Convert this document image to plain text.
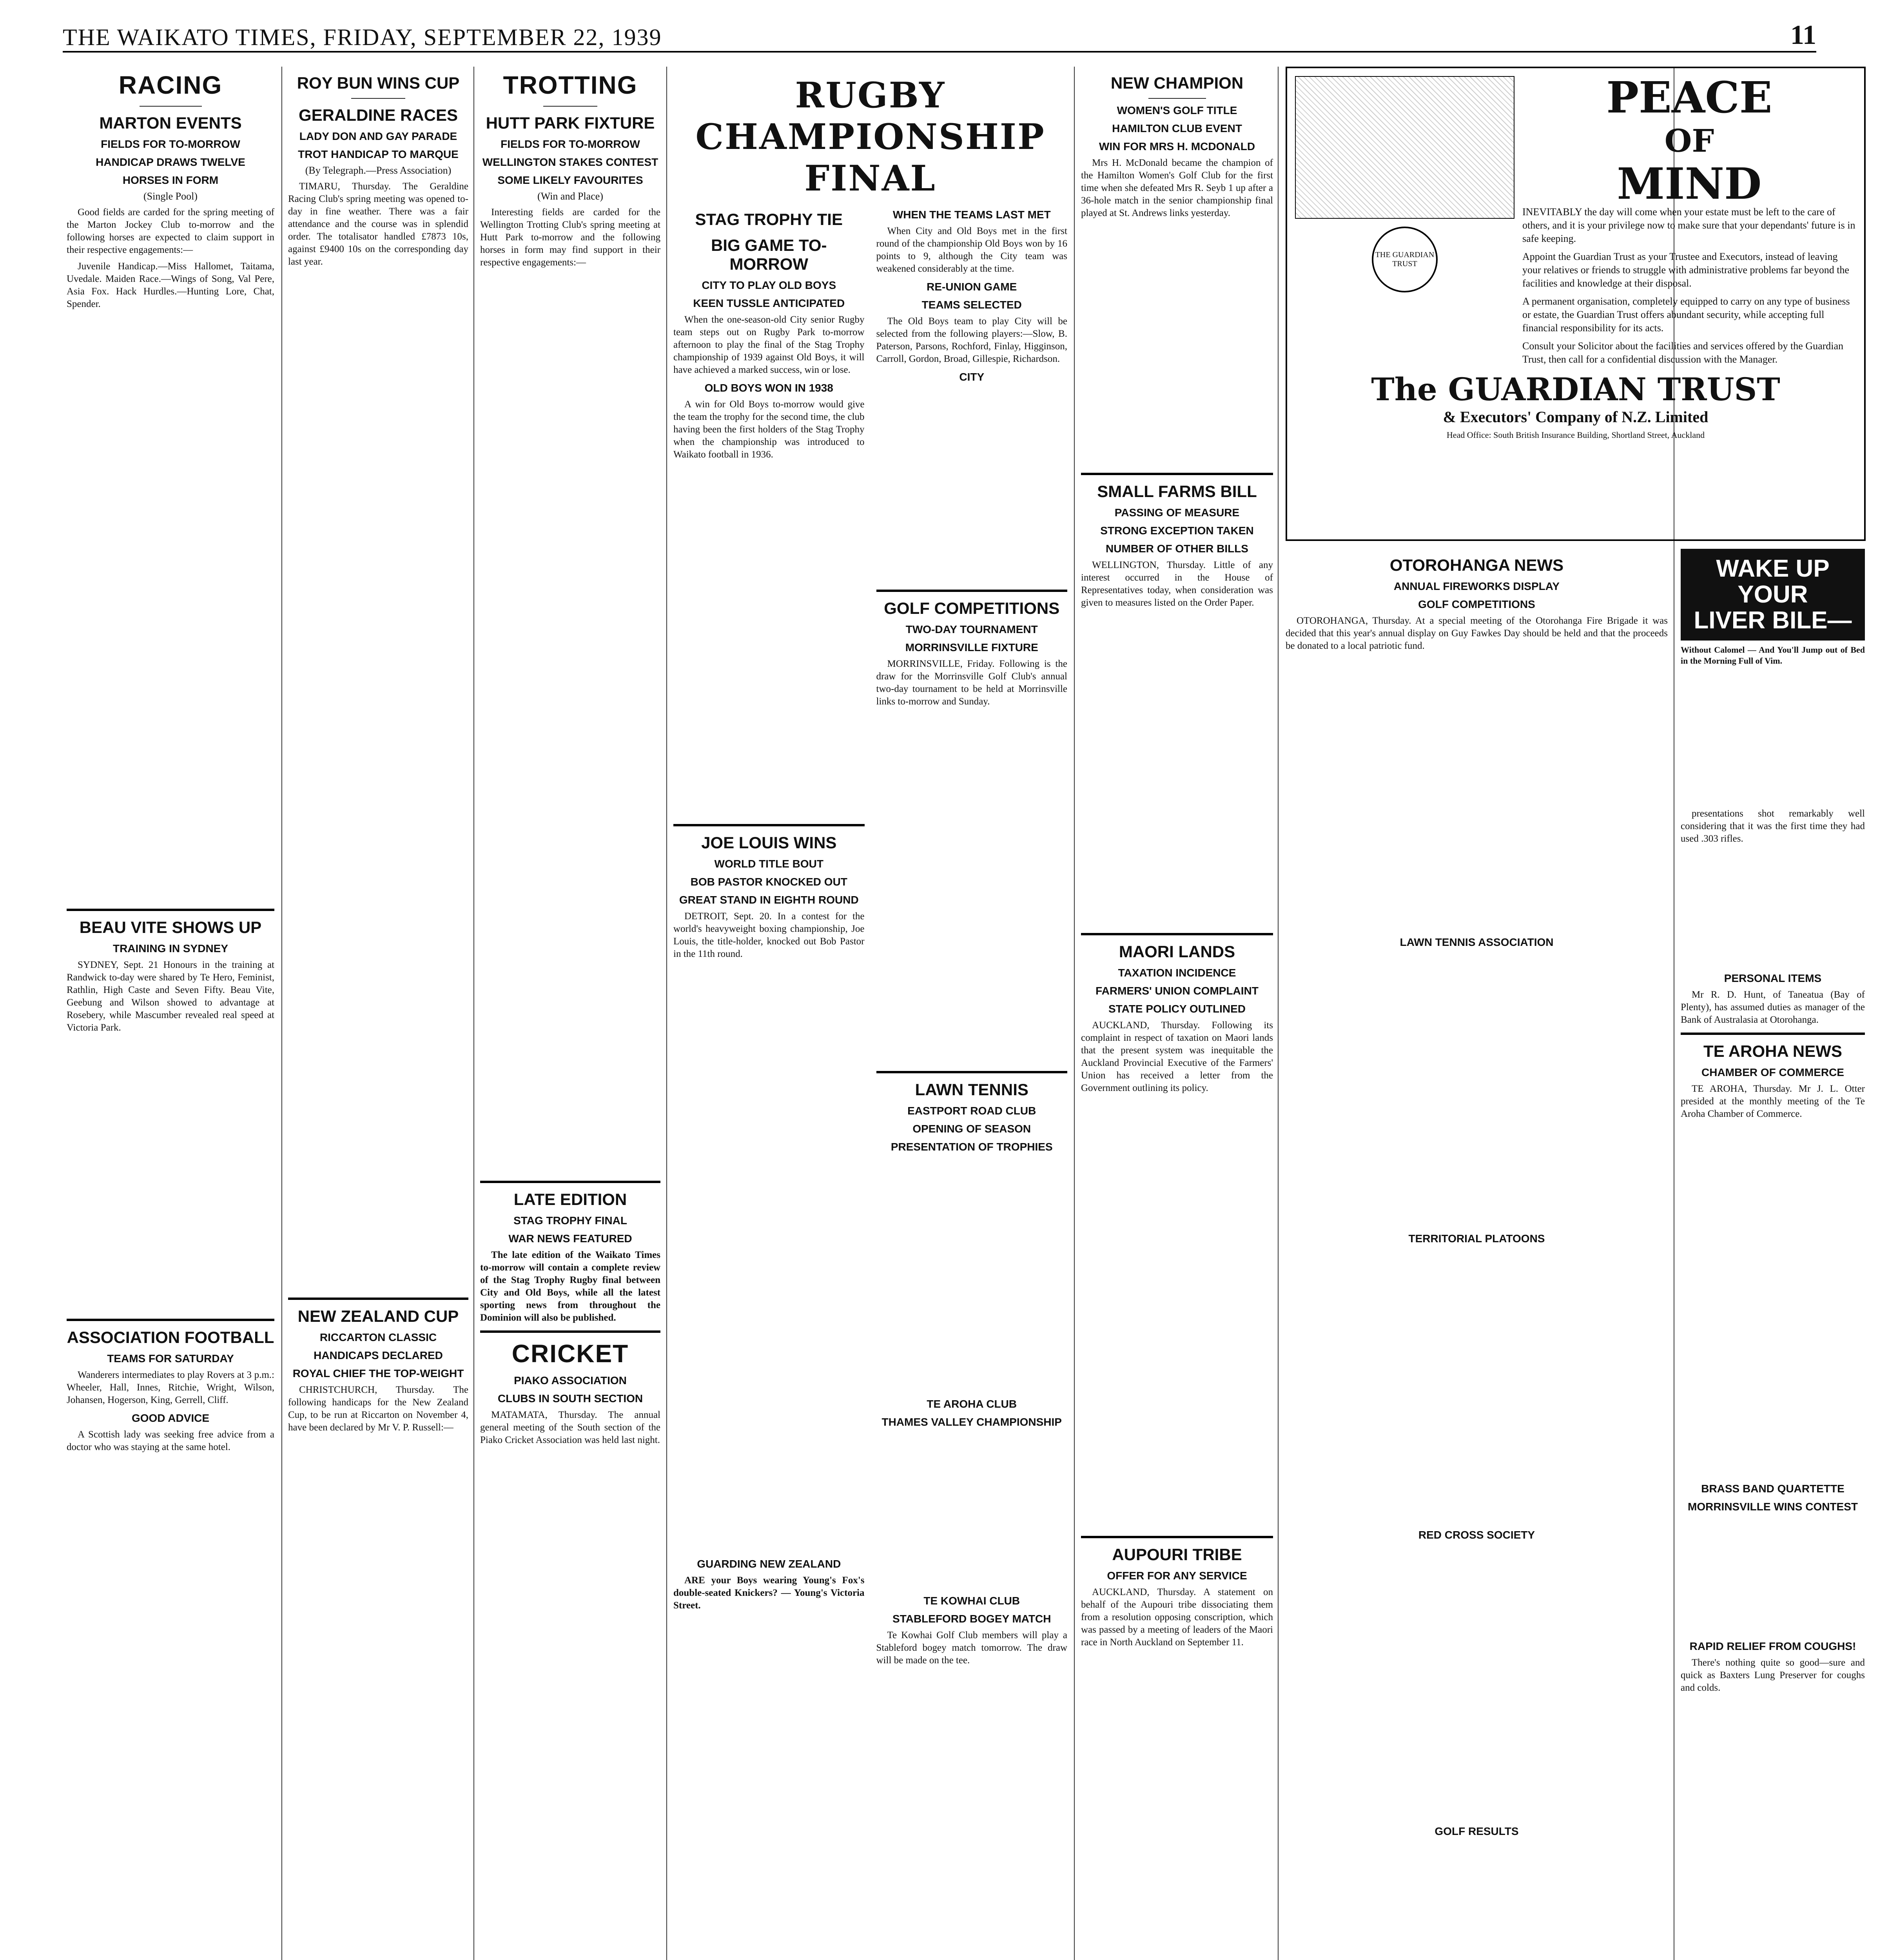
THE WAIKATO TIMES, FRIDAY, SEPTEMBER 22, 1939	11
RACING
MARTON EVENTS
FIELDS FOR TO-MORROW
HANDICAP DRAWS TWELVE
HORSES IN FORM
(Single Pool)

Good fields are carded for the spring meeting of the Marton Jockey Club to-morrow and the following horses are expected to claim support in their respective engagements:—

Juvenile Handicap.—Miss Hallomet, Taitama, Uvedale. Maiden Race.—Wings of Song, Val Pere, Asia Fox. Hack Hurdles.—Hunting Lore, Chat, Spender.

BEAU VITE SHOWS UP
TRAINING IN SYDNEY

SYDNEY, Sept. 21 Honours in the training at Randwick to-day were shared by Te Hero, Feminist, Rathlin, High Caste and Seven Fifty. Beau Vite, Geebung and Wilson showed to advantage at Rosebery, while Mascumber revealed real speed at Victoria Park.

ASSOCIATION FOOTBALL
TEAMS FOR SATURDAY

Wanderers intermediates to play Rovers at 3 p.m.: Wheeler, Hall, Innes, Ritchie, Wright, Wilson, Johansen, Hogerson, King, Gerrell, Cliff.

GOOD ADVICE

A Scottish lady was seeking free advice from a doctor who was staying at the same hotel.

ROY BUN WINS CUP
GERALDINE RACES
LADY DON AND GAY PARADE
TROT HANDICAP TO MARQUE
(By Telegraph.—Press Association)

TIMARU, Thursday. The Geraldine Racing Club's spring meeting was opened to-day in fine weather. There was a fair attendance and the course was in splendid order. The totalisator handled £7873 10s, against £9400 10s on the corresponding day last year.

NEW ZEALAND CUP
RICCARTON CLASSIC
HANDICAPS DECLARED
ROYAL CHIEF THE TOP-WEIGHT

CHRISTCHURCH, Thursday. The following handicaps for the New Zealand Cup, to be run at Riccarton on November 4, have been declared by Mr V. P. Russell:—

TROTTING
HUTT PARK FIXTURE
FIELDS FOR TO-MORROW
WELLINGTON STAKES CONTEST
SOME LIKELY FAVOURITES
(Win and Place)

Interesting fields are carded for the Wellington Trotting Club's spring meeting at Hutt Park to-morrow and the following horses in form may find support in their respective engagements:—

LATE EDITION
STAG TROPHY FINAL
WAR NEWS FEATURED

The late edition of the Waikato Times to-morrow will contain a complete review of the Stag Trophy Rugby final between City and Old Boys, while all the latest sporting news from throughout the Dominion will also be published.

CRICKET
PIAKO ASSOCIATION
CLUBS IN SOUTH SECTION

MATAMATA, Thursday. The annual general meeting of the South section of the Piako Cricket Association was held last night.

RUGBY CHAMPIONSHIP FINAL
STAG TROPHY TIE
BIG GAME TO-MORROW
CITY TO PLAY OLD BOYS
KEEN TUSSLE ANTICIPATED

When the one-season-old City senior Rugby team steps out on Rugby Park to-morrow afternoon to play the final of the Stag Trophy championship of 1939 against Old Boys, it will have achieved a marked success, win or lose.

OLD BOYS WON IN 1938

A win for Old Boys to-morrow would give the team the trophy for the second time, the club having been the first holders of the Stag Trophy when the championship was introduced to Waikato football in 1936.

JOE LOUIS WINS
WORLD TITLE BOUT
BOB PASTOR KNOCKED OUT
GREAT STAND IN EIGHTH ROUND

DETROIT, Sept. 20. In a contest for the world's heavyweight boxing championship, Joe Louis, the title-holder, knocked out Bob Pastor in the 11th round.

GUARDING NEW ZEALAND

ARE your Boys wearing Young's Fox's double-seated Knickers? — Young's Victoria Street.

WHEN THE TEAMS LAST MET

When City and Old Boys met in the first round of the championship Old Boys won by 16 points to 9, although the City team was weakened considerably at the time.

RE-UNION GAME
TEAMS SELECTED

The Old Boys team to play City will be selected from the following players:—Slow, B. Paterson, Parsons, Rochford, Finlay, Higginson, Carroll, Gordon, Broad, Gillespie, Richardson.

CITY
GOLF COMPETITIONS
TWO-DAY TOURNAMENT
MORRINSVILLE FIXTURE

MORRINSVILLE, Friday. Following is the draw for the Morrinsville Golf Club's annual two-day tournament to be held at Morrinsville links to-morrow and Sunday.

LAWN TENNIS
EASTPORT ROAD CLUB
OPENING OF SEASON
PRESENTATION OF TROPHIES
TE AROHA CLUB
THAMES VALLEY CHAMPIONSHIP
TE KOWHAI CLUB
STABLEFORD BOGEY MATCH

Te Kowhai Golf Club members will play a Stableford bogey match tomorrow. The draw will be made on the tee.

NEW CHAMPION
WOMEN'S GOLF TITLE
HAMILTON CLUB EVENT
WIN FOR MRS H. MCDONALD

Mrs H. McDonald became the champion of the Hamilton Women's Golf Club for the first time when she defeated Mrs R. Seyb 1 up after a 36-hole match in the senior championship final played at St. Andrews links yesterday.

SMALL FARMS BILL
PASSING OF MEASURE
STRONG EXCEPTION TAKEN
NUMBER OF OTHER BILLS

WELLINGTON, Thursday. Little of any interest occurred in the House of Representatives today, when consideration was given to measures listed on the Order Paper.

MAORI LANDS
TAXATION INCIDENCE
FARMERS' UNION COMPLAINT
STATE POLICY OUTLINED

AUCKLAND, Thursday. Following its complaint in respect of taxation on Maori lands that the present system was inequitable the Auckland Provincial Executive of the Farmers' Union has received a letter from the Government outlining its policy.

AUPOURI TRIBE
OFFER FOR ANY SERVICE

AUCKLAND, Thursday. A statement on behalf of the Aupouri tribe dissociating them from a resolution opposing conscription, which was passed by a meeting of leaders of the Maori race in North Auckland on September 11.

THE GUARDIAN TRUST
PEACE
OF
MIND

INEVITABLY the day will come when your estate must be left to the care of others, and it is your privilege now to make sure that your dependants' future is in safe keeping.

Appoint the Guardian Trust as your Trustee and Executors, instead of leaving your relatives or friends to struggle with administrative problems far beyond the facilities and knowledge at their disposal.

A permanent organisation, completely equipped to carry on any type of business or estate, the Guardian Trust offers abundant security, while accepting full financial responsibility for its acts.

Consult your Solicitor about the facilities and services offered by the Guardian Trust, then call for a confidential discussion with the Manager.

The GUARDIAN TRUST
& Executors' Company of N.Z. Limited
Head Office: South British Insurance Building, Shortland Street, Auckland
OTOROHANGA NEWS
ANNUAL FIREWORKS DISPLAY
GOLF COMPETITIONS

OTOROHANGA, Thursday. At a special meeting of the Otorohanga Fire Brigade it was decided that this year's annual display on Guy Fawkes Day should be held and that the proceeds be donated to a local patriotic fund.

LAWN TENNIS ASSOCIATION
TERRITORIAL PLATOONS
RED CROSS SOCIETY
GOLF RESULTS
WAKE UP YOUR
LIVER BILE—

Without Calomel — And You'll Jump out of Bed in the Morning Full of Vim.

presentations shot remarkably well considering that it was the first time they had used .303 rifles.

PERSONAL ITEMS

Mr R. D. Hunt, of Taneatua (Bay of Plenty), has assumed duties as manager of the Bank of Australasia at Otorohanga.

TE AROHA NEWS
CHAMBER OF COMMERCE

TE AROHA, Thursday. Mr J. L. Otter presided at the monthly meeting of the Te Aroha Chamber of Commerce.

BRASS BAND QUARTETTE
MORRINSVILLE WINS CONTEST
RAPID RELIEF FROM COUGHS!

There's nothing quite so good—sure and quick as Baxters Lung Preserver for coughs and colds.
